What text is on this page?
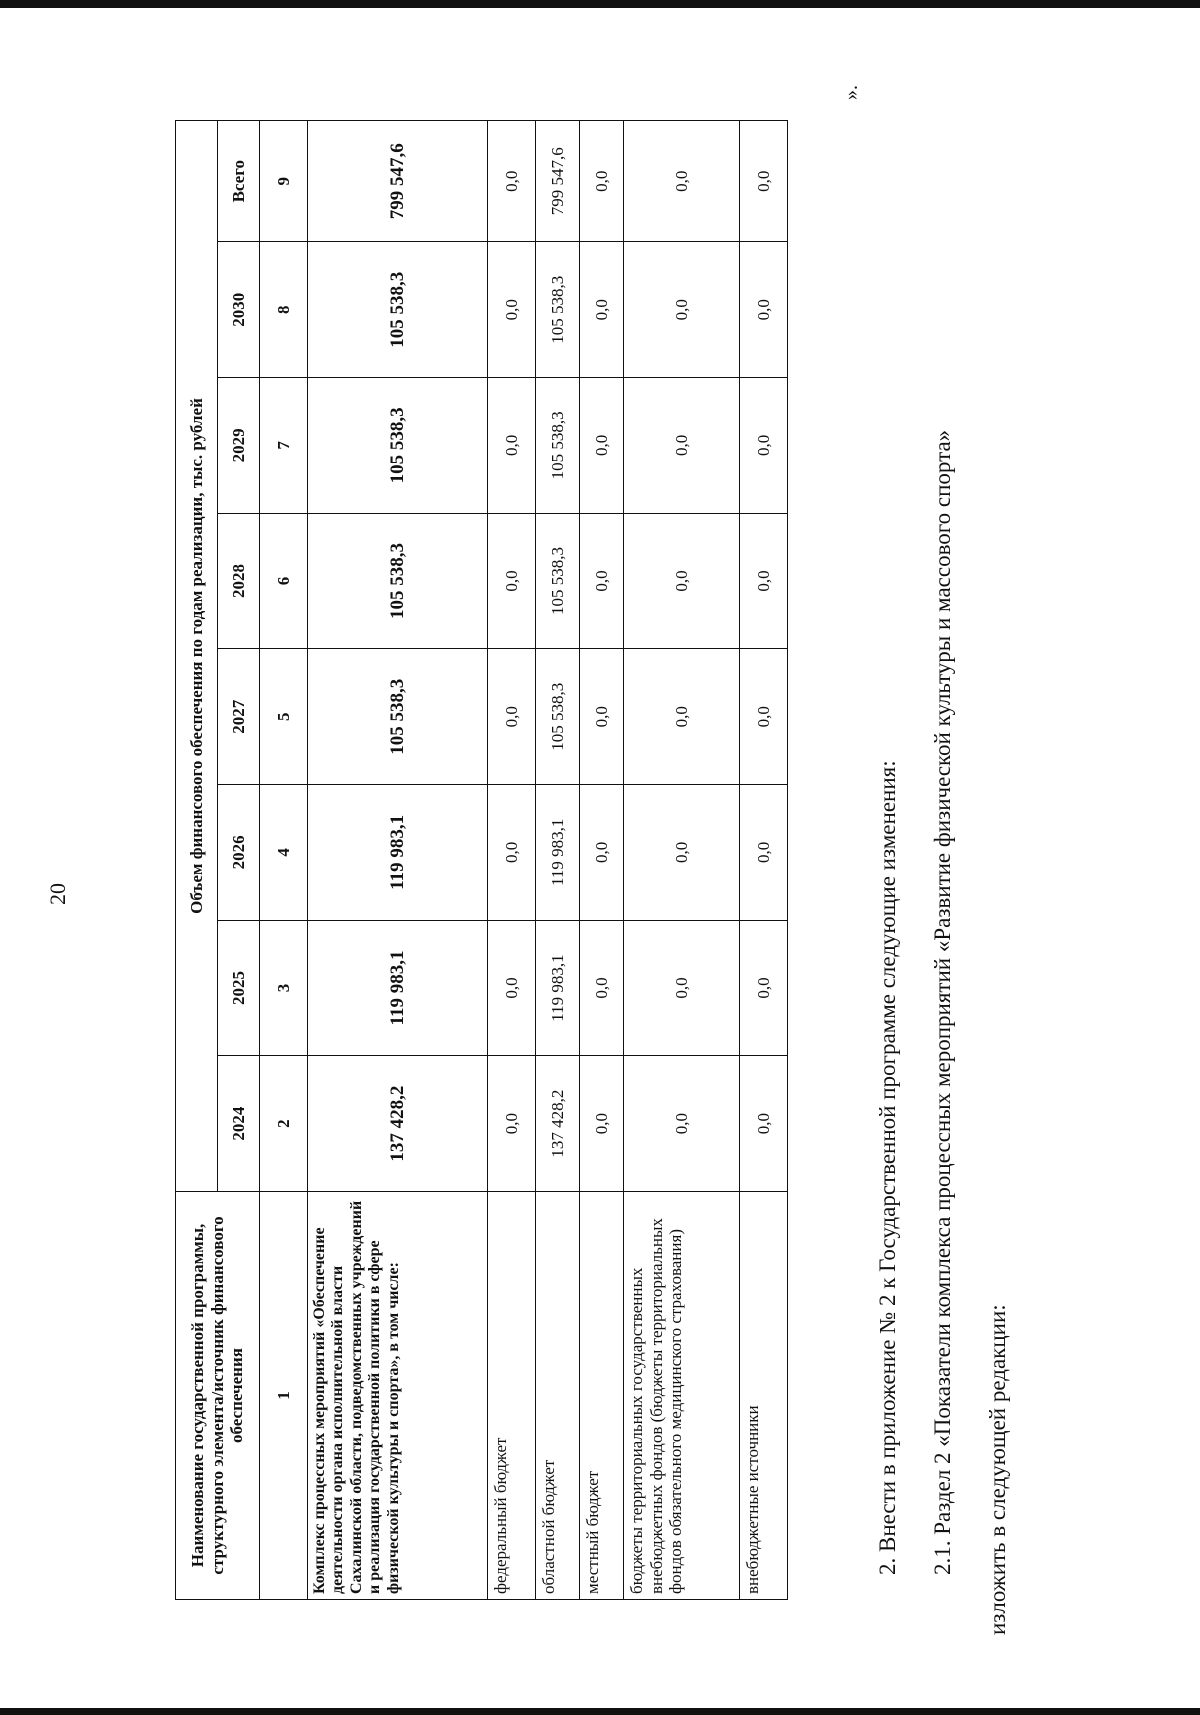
20
Наименование государственной программы, структурного элемента/источник финансового обеспечения	Объем финансового обеспечения по годам реализации, тыс. рублей							
	2024	2025	2026	2027	2028	2029	2030	Всего
1	2	3	4	5	6	7	8	9
Комплекс процессных мероприятий «Обеспечение деятельности органа исполнительной власти Сахалинской области, подведомственных учреждений и реализация государственной политики в сфере физической культуры и спорта», в том числе:	137 428,2	119 983,1	119 983,1	105 538,3	105 538,3	105 538,3	105 538,3	799 547,6
федеральный бюджет	0,0	0,0	0,0	0,0	0,0	0,0	0,0	0,0
областной бюджет	137 428,2	119 983,1	119 983,1	105 538,3	105 538,3	105 538,3	105 538,3	799 547,6
местный бюджет	0,0	0,0	0,0	0,0	0,0	0,0	0,0	0,0
бюджеты территориальных государственных внебюджетных фондов (бюджеты территориальных фондов обязательного медицинского страхования)	0,0	0,0	0,0	0,0	0,0	0,0	0,0	0,0
внебюджетные источники	0,0	0,0	0,0	0,0	0,0	0,0	0,0	0,0
».
2. Внести в приложение № 2 к Государственной программе следующие изменения: 2.1. Раздел 2 «Показатели комплекса процессных мероприятий «Развитие физической культуры и массового спорта» изложить в следующей редакции:
